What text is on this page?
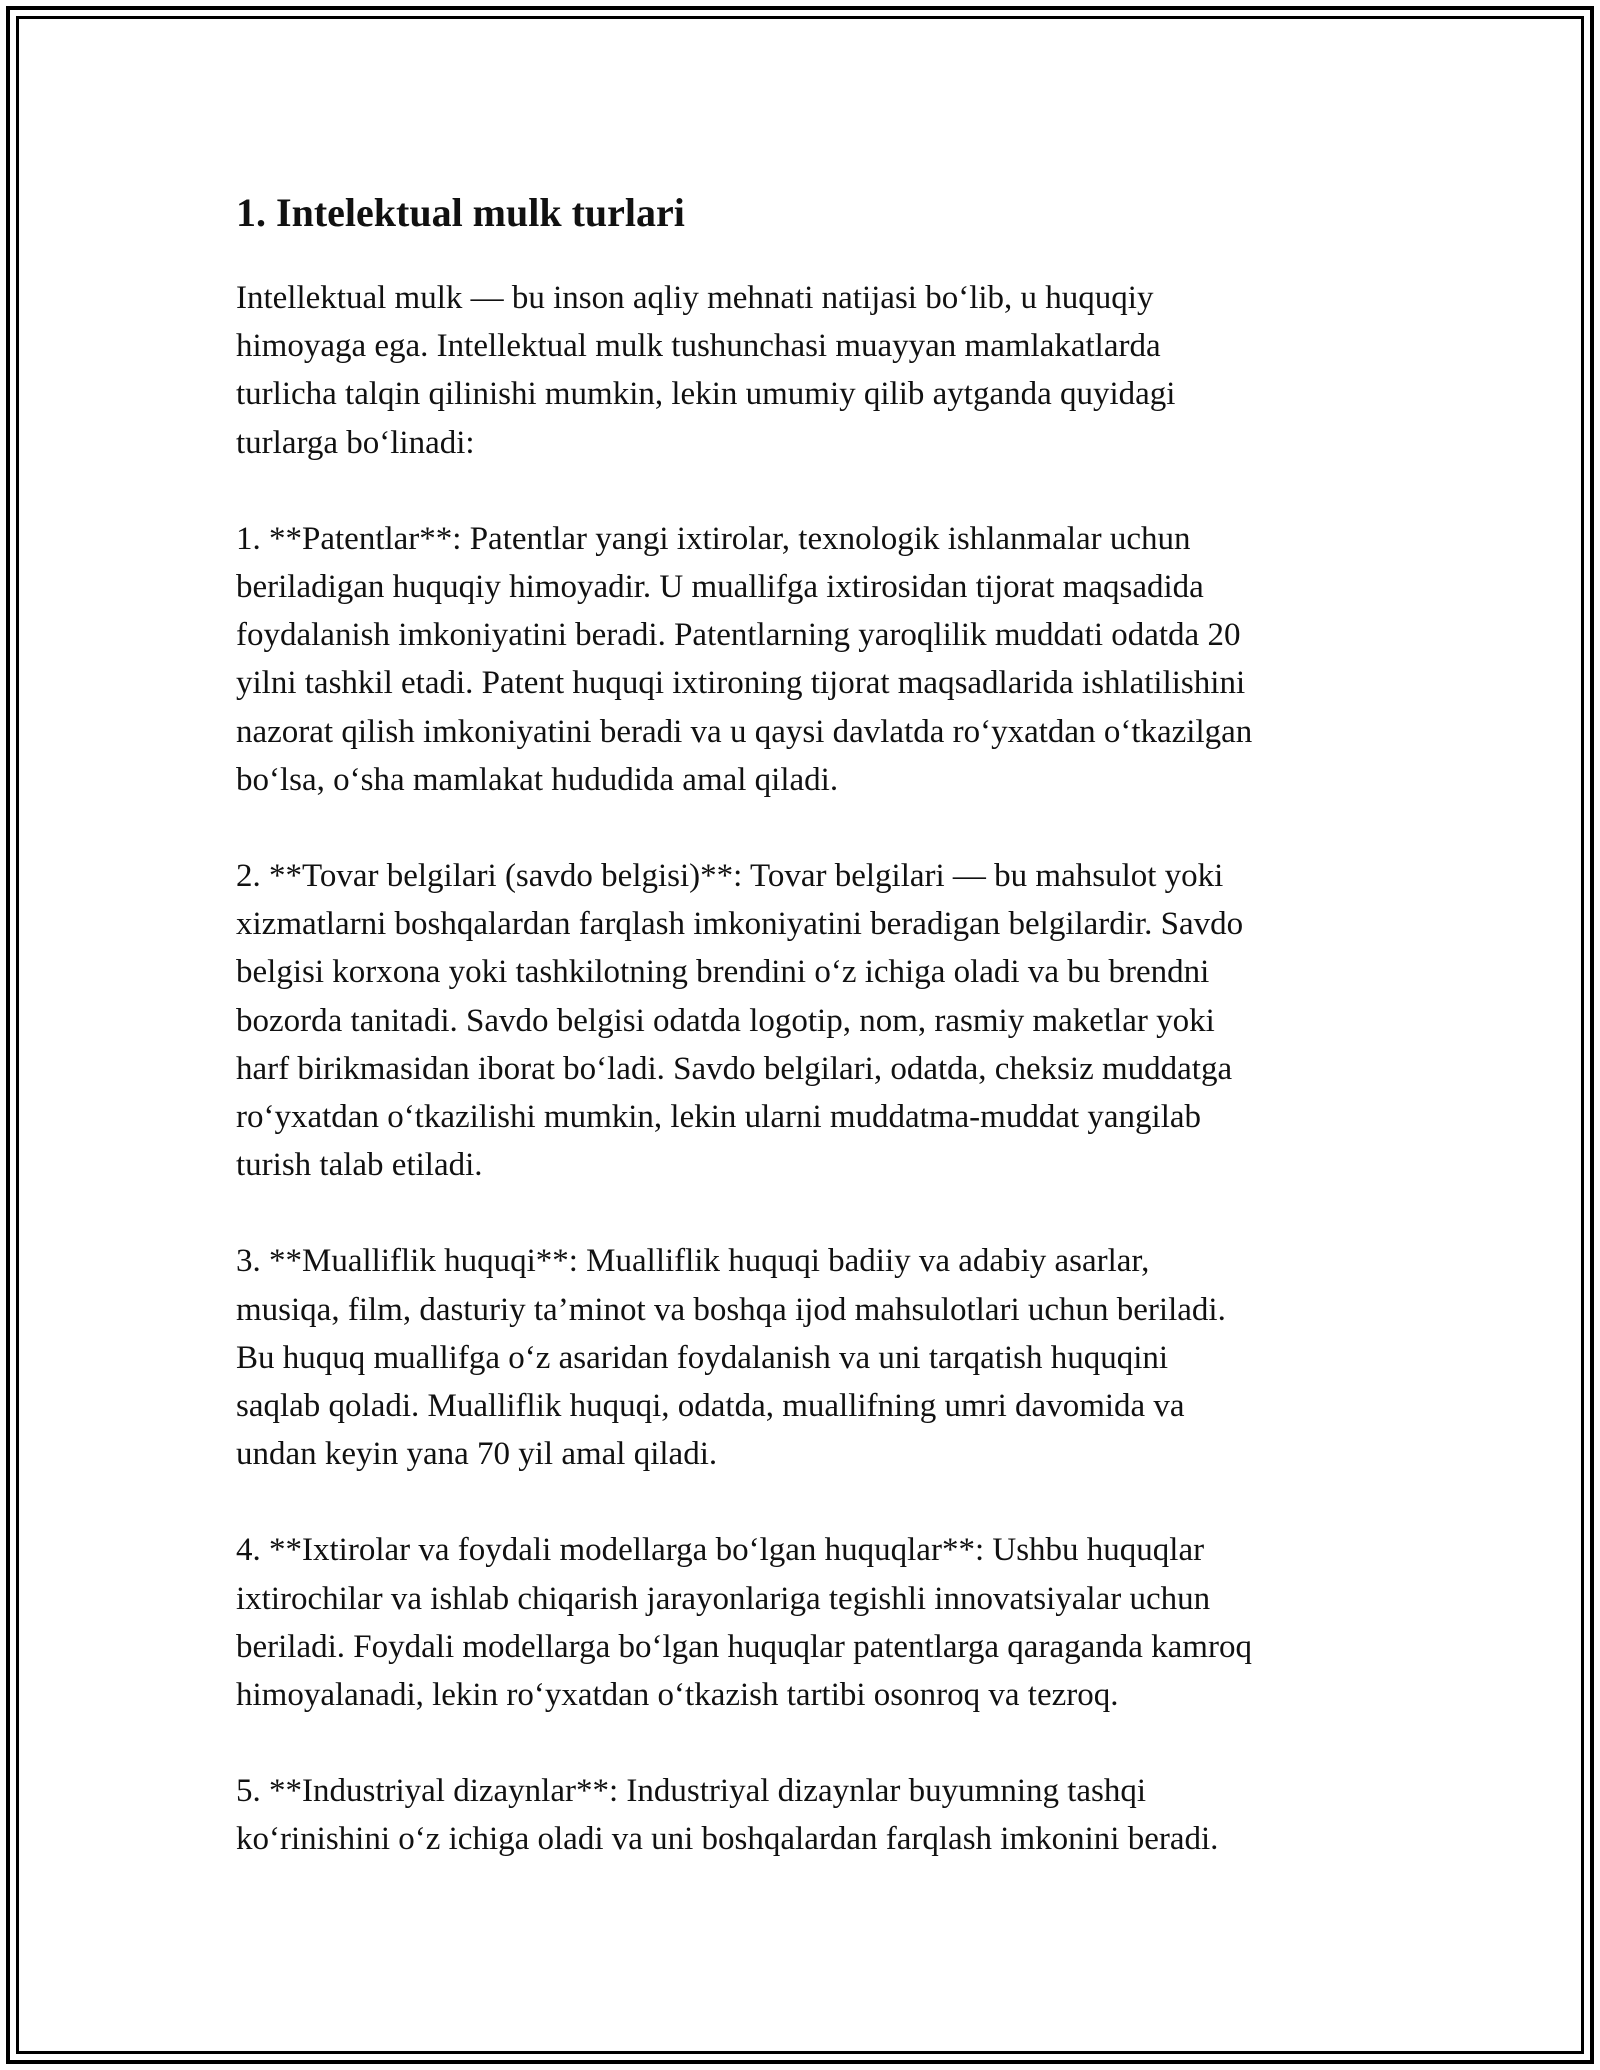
1. Intelektual mulk turlari

Intellektual mulk — bu inson aqliy mehnati natijasi bo‘lib, u huquqiy
himoyaga ega. Intellektual mulk tushunchasi muayyan mamlakatlarda
turlicha talqin qilinishi mumkin, lekin umumiy qilib aytganda quyidagi
turlarga bo‘linadi:

1. **Patentlar**: Patentlar yangi ixtirolar, texnologik ishlanmalar uchun
beriladigan huquqiy himoyadir. U muallifga ixtirosidan tijorat maqsadida
foydalanish imkoniyatini beradi. Patentlarning yaroqlilik muddati odatda 20
yilni tashkil etadi. Patent huquqi ixtironing tijorat maqsadlarida ishlatilishini
nazorat qilish imkoniyatini beradi va u qaysi davlatda ro‘yxatdan o‘tkazilgan
bo‘lsa, o‘sha mamlakat hududida amal qiladi.

2. **Tovar belgilari (savdo belgisi)**: Tovar belgilari — bu mahsulot yoki
xizmatlarni boshqalardan farqlash imkoniyatini beradigan belgilardir. Savdo
belgisi korxona yoki tashkilotning brendini o‘z ichiga oladi va bu brendni
bozorda tanitadi. Savdo belgisi odatda logotip, nom, rasmiy maketlar yoki
harf birikmasidan iborat bo‘ladi. Savdo belgilari, odatda, cheksiz muddatga
ro‘yxatdan o‘tkazilishi mumkin, lekin ularni muddatma-muddat yangilab
turish talab etiladi.

3. **Mualliflik huquqi**: Mualliflik huquqi badiiy va adabiy asarlar,
musiqa, film, dasturiy ta’minot va boshqa ijod mahsulotlari uchun beriladi.
Bu huquq muallifga o‘z asaridan foydalanish va uni tarqatish huquqini
saqlab qoladi. Mualliflik huquqi, odatda, muallifning umri davomida va
undan keyin yana 70 yil amal qiladi.

4. **Ixtirolar va foydali modellarga bo‘lgan huquqlar**: Ushbu huquqlar
ixtirochilar va ishlab chiqarish jarayonlariga tegishli innovatsiyalar uchun
beriladi. Foydali modellarga bo‘lgan huquqlar patentlarga qaraganda kamroq
himoyalanadi, lekin ro‘yxatdan o‘tkazish tartibi osonroq va tezroq.

5. **Industriyal dizaynlar**: Industriyal dizaynlar buyumning tashqi
ko‘rinishini o‘z ichiga oladi va uni boshqalardan farqlash imkonini beradi.
